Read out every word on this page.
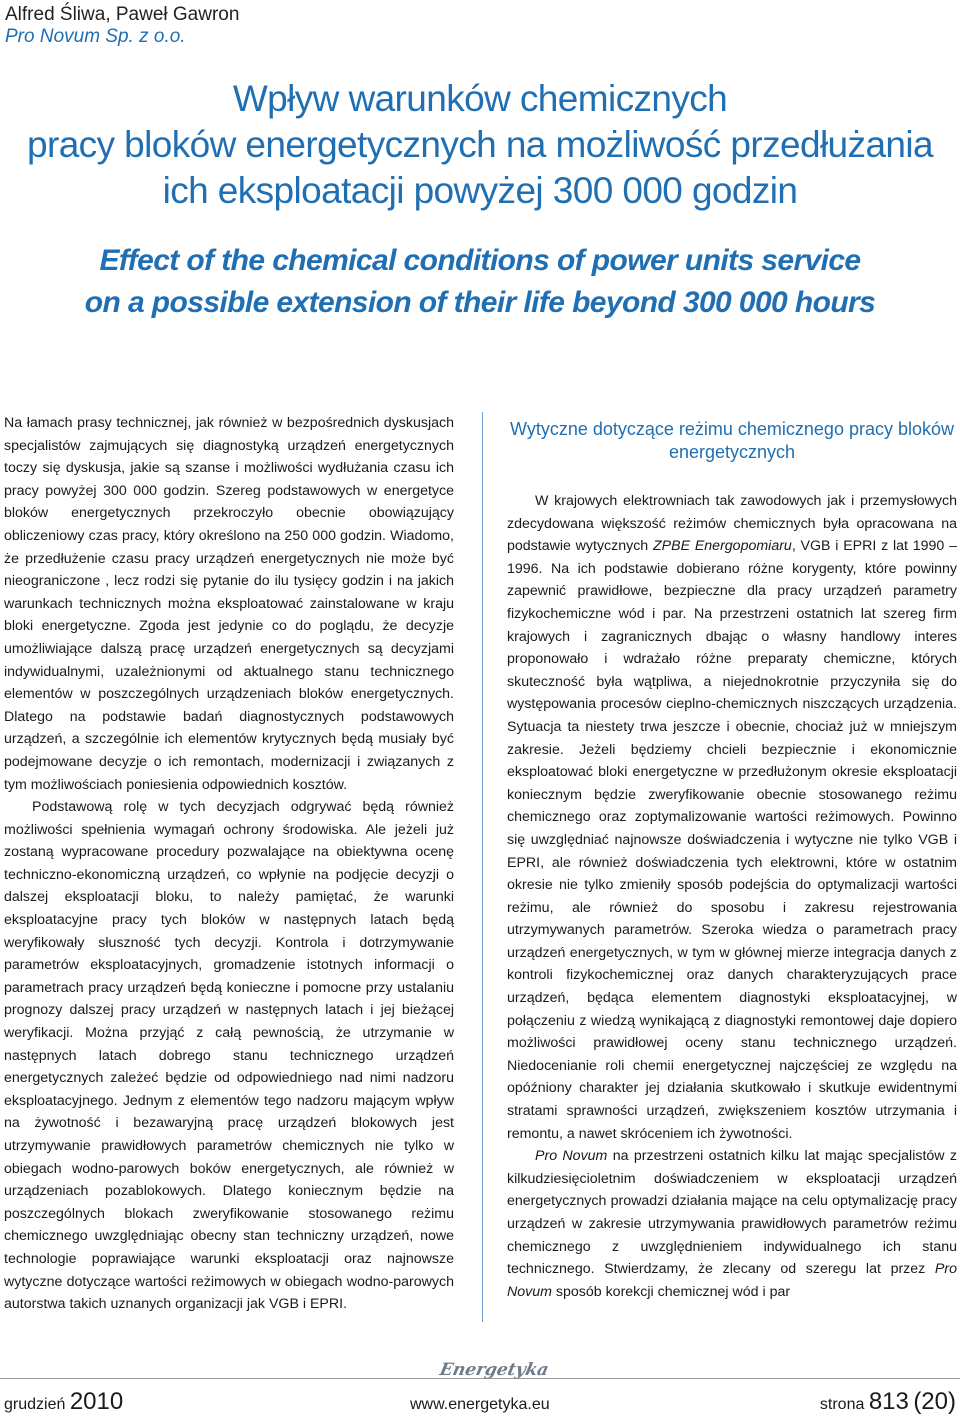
Alfred Śliwa, Paweł Gawron
Pro Novum Sp. z o.o.
Wpływ warunków chemicznych
pracy bloków energetycznych na możliwość przedłużania
ich eksploatacji powyżej 300 000 godzin
Effect of the chemical conditions of power units service
on a possible extension of their life beyond 300 000 hours

Na łamach prasy technicznej, jak również w bezpośrednich dyskusjach specjalistów zajmujących się diagnostyką urządzeń energetycznych toczy się dyskusja, jakie są szanse i możliwości wydłużania czasu ich pracy powyżej 300 000 godzin. Szereg podstawowych w energetyce bloków energetycznych przekroczyło obecnie obowiązujący obliczeniowy czas pracy, który określono na 250 000 godzin. Wiadomo, że przedłużenie czasu pracy urządzeń energetycznych nie może być nieograniczone , lecz rodzi się pytanie do ilu tysięcy godzin i na jakich warunkach technicznych można eksploatować zainstalowane w kraju bloki energetyczne. Zgoda jest jedynie co do poglądu, że decyzje umożliwiające dalszą pracę urządzeń energetycznych są decyzjami indywidualnymi, uzależnionymi od aktualnego stanu technicznego elementów w poszczególnych urządzeniach bloków energetycznych. Dlatego na podstawie badań diagnostycznych podstawowych urządzeń, a szczególnie ich elementów krytycznych będą musiały być podejmowane decyzje o ich remontach, modernizacji i związanych z tym możliwościach poniesienia odpowiednich kosztów.

Podstawową rolę w tych decyzjach odgrywać będą również możliwości spełnienia wymagań ochrony środowiska. Ale jeżeli już zostaną wypracowane procedury pozwalające na obiektywna ocenę techniczno-ekonomiczną urządzeń, co wpłynie na podjęcie decyzji o dalszej eksploatacji bloku, to należy pamiętać, że warunki eksploatacyjne pracy tych bloków w następnych latach będą weryfikowały słuszność tych decyzji. Kontrola i dotrzymywanie parametrów eksploatacyjnych, gromadzenie istotnych informacji o parametrach pracy urządzeń będą konieczne i pomocne przy ustalaniu prognozy dalszej pracy urządzeń w następnych latach i jej bieżącej weryfikacji. Można przyjąć z całą pewnością, że utrzymanie w następnych latach dobrego stanu technicznego urządzeń energetycznych zależeć będzie od odpowiedniego nad nimi nadzoru eksploatacyjnego. Jednym z elementów tego nadzoru mającym wpływ na żywotność i bezawaryjną pracę urządzeń blokowych jest utrzymywanie prawidłowych parametrów chemicznych nie tylko w obiegach wodno-parowych boków energetycznych, ale również w urządzeniach pozablokowych. Dlatego koniecznym będzie na poszczególnych blokach zweryfikowanie stosowanego reżimu chemicznego uwzględniając obecny stan techniczny urządzeń, nowe technologie poprawiające warunki eksploatacji oraz najnowsze wytyczne dotyczące wartości reżimowych w obiegach wodno-parowych autorstwa takich uznanych organizacji jak VGB i EPRI.

Wytyczne dotyczące reżimu chemicznego pracy bloków energetycznych

W krajowych elektrowniach tak zawodowych jak i przemysłowych zdecydowana większość reżimów chemicznych była opracowana na podstawie wytycznych ZPBE Energopomiaru, VGB i EPRI z lat 1990 – 1996. Na ich podstawie dobierano różne korygenty, które powinny zapewnić prawidłowe, bezpieczne dla pracy urządzeń parametry fizykochemiczne wód i par. Na przestrzeni ostatnich lat szereg firm krajowych i zagranicznych dbając o własny handlowy interes proponowało i wdrażało różne preparaty chemiczne, których skuteczność była wątpliwa, a niejednokrotnie przyczyniła się do występowania procesów cieplno-chemicznych niszczących urządzenia. Sytuacja ta niestety trwa jeszcze i obecnie, chociaż już w mniejszym zakresie. Jeżeli będziemy chcieli bezpiecznie i ekonomicznie eksploatować bloki energetyczne w przedłużonym okresie eksploatacji koniecznym będzie zweryfikowanie obecnie stosowanego reżimu chemicznego oraz zoptymalizowanie wartości reżimowych. Powinno się uwzględniać najnowsze doświadczenia i wytyczne nie tylko VGB i EPRI, ale również doświadczenia tych elektrowni, które w ostatnim okresie nie tylko zmieniły sposób podejścia do optymalizacji wartości reżimu, ale również do sposobu i zakresu rejestrowania utrzymywanych parametrów. Szeroka wiedza o parametrach pracy urządzeń energetycznych, w tym w głównej mierze integracja danych z kontroli fizykochemicznej oraz danych charakteryzujących prace urządzeń, będąca elementem diagnostyki eksploatacyjnej, w połączeniu z wiedzą wynikającą z diagnostyki remontowej daje dopiero możliwości prawidłowej oceny stanu technicznego urządzeń. Niedocenianie roli chemii energetycznej najczęściej ze względu na opóźniony charakter jej działania skutkowało i skutkuje ewidentnymi stratami sprawności urządzeń, zwiększeniem kosztów utrzymania i remontu, a nawet skróceniem ich żywotności.

Pro Novum na przestrzeni ostatnich kilku lat mając specjalistów z kilkudziesięcioletnim doświadczeniem w eksploatacji urządzeń energetycznych prowadzi działania mające na celu optymalizację pracy urządzeń w zakresie utrzymywania prawidłowych parametrów reżimu chemicznego z uwzględnieniem indywidualnego ich stanu technicznego. Stwierdzamy, że zlecany od szeregu lat przez Pro Novum sposób korekcji chemicznej wód i par

grudzień 2010
Energetyka
www.energetyka.eu	strona 813 (20)
